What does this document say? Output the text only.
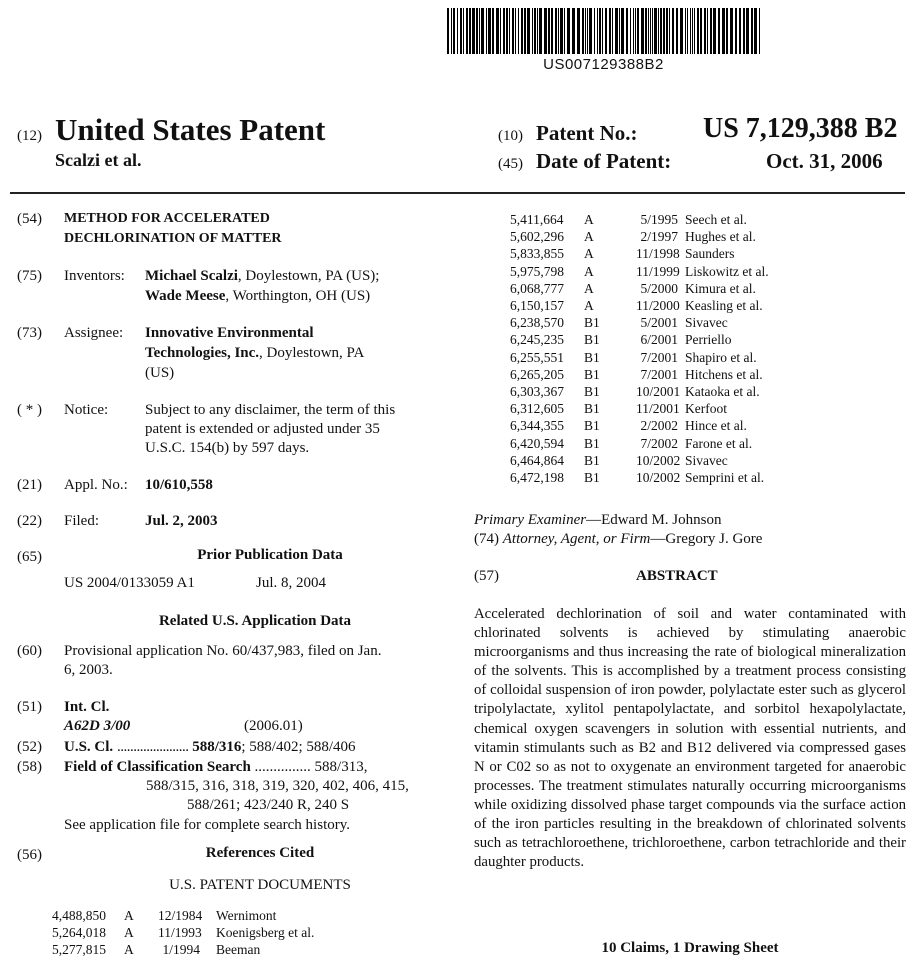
US007129388B2
(12) United States Patent
Scalzi et al.
(10) Patent No.: US 7,129,388 B2
(45) Date of Patent:	Oct. 31, 2006
(54) METHOD FOR ACCELERATED
DECHLORINATION OF MATTER
(75) Inventors: Michael Scalzi, Doylestown, PA (US);
Wade Meese, Worthington, OH (US)
(73) Assignee: Innovative Environmental
Technologies, Inc., Doylestown, PA
(US)
( * ) Notice: Subject to any disclaimer, the term of this
patent is extended or adjusted under 35
U.S.C. 154(b) by 597 days.
(21) Appl. No.: 10/610,558
(22) Filed:	Jul. 2, 2003
(65)	Prior Publication Data
US 2004/0133059 A1	Jul. 8, 2004
Related U.S. Application Data
(60) Provisional application No. 60/437,983, filed on Jan.
6, 2003.
(51) Int. Cl.
A62D 3/00	(2006.01)
(52) U.S. Cl. ...................... 588/316; 588/402; 588/406
(58) Field of Classification Search ............... 588/313,
588/315, 316, 318, 319, 320, 402, 406, 415,
588/261; 423/240 R, 240 S
See application file for complete search history.
(56)	References Cited
U.S. PATENT DOCUMENTS
4,488,850 A 12/1984 Wernimont
5,264,018 A 11/1993 Koenigsberg et al.
5,277,815 A	1/1994 Beeman
5,411,664 A	5/1995 Seech et al.
5,602,296 A	2/1997 Hughes et al.
5,833,855 A	11/1998 Saunders
5,975,798 A	11/1999 Liskowitz et al.
6,068,777 A	5/2000 Kimura et al.
6,150,157 A	11/2000 Keasling et al.
6,238,570 B1	5/2001 Sivavec
6,245,235 B1	6/2001 Perriello
6,255,551 B1	7/2001 Shapiro et al.
6,265,205 B1	7/2001 Hitchens et al.
6,303,367 B1	10/2001 Kataoka et al.
6,312,605 B1	11/2001 Kerfoot
6,344,355 B1	2/2002 Hince et al.
6,420,594 B1	7/2002 Farone et al.
6,464,864 B1	10/2002 Sivavec
6,472,198 B1	10/2002 Semprini et al.
Primary Examiner—Edward M. Johnson
(74) Attorney, Agent, or Firm—Gregory J. Gore
(57)	ABSTRACT
Accelerated dechlorination of soil and water contaminated with chlorinated solvents is achieved by stimulating anaerobic microorganisms and thus increasing the rate of biological mineralization of the solvents. This is accomplished by a treatment process consisting of colloidal suspension of iron powder, polylactate ester such as glycerol tripolylactate, xylitol pentapolylactate, and sorbitol hexapolylactate, chemical oxygen scavengers in solution with essential nutrients, and vitamin stimulants such as B2 and B12 delivered via compressed gases N or C02 so as not to oxygenate an environment targeted for anaerobic processes. The treatment stimulates naturally occurring microorganisms while oxidizing dissolved phase target compounds via the surface action of the iron particles resulting in the breakdown of chlorinated solvents such as tetrachloroethene, trichloroethene, carbon tetrachloride and their daughter products.
10 Claims, 1 Drawing Sheet
